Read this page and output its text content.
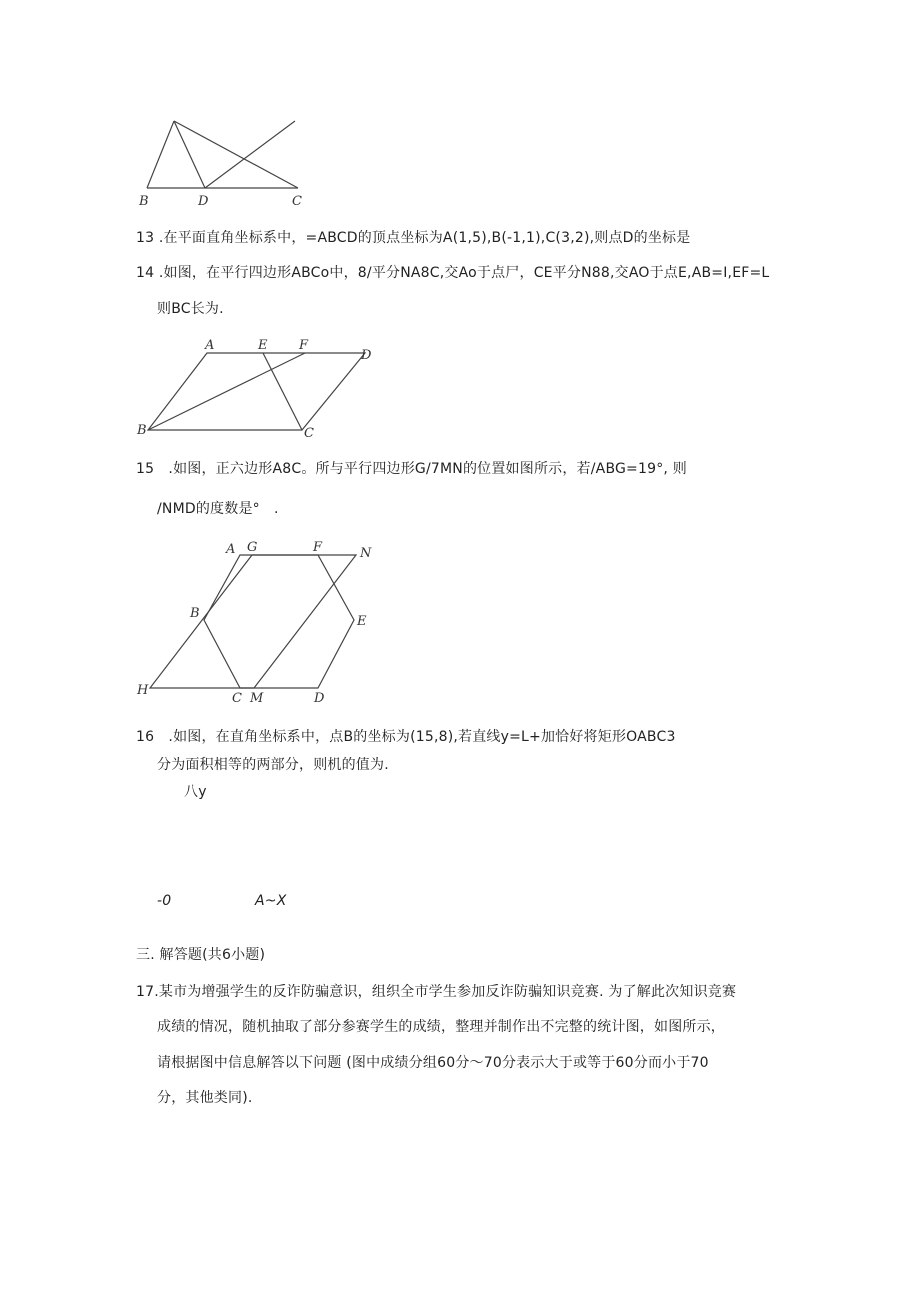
B	D	C
13 .在平面直角坐标系中，=ABCD的顶点坐标为A(1,5),B(-1,1),C(3,2),则点D的坐标是
14 .如图，在平行四边形ABCo中，8/平分NA8C,交Ao于点尸，CE平分N88,交AO于点E,AB=I,EF=L
则BC长为.
A	E F
D
B	C
15　.如图，正六边形A8C。所与平行四边形G/7MN的位置如图所示，若/ABG=19°, 则
/NMD的度数是°　.
A G	F	N
B
E
H
C M	D
16　.如图，在直角坐标系中，点B的坐标为(15,8),若直线y=L+加恰好将矩形OABC3
分为面积相等的两部分，则机的值为.
八y
-0	A~X
三. 解答题(共6小题)
17.某市为增强学生的反诈防骗意识，组织全市学生参加反诈防骗知识竞赛. 为了解此次知识竞赛
成绩的情况，随机抽取了部分参赛学生的成绩，整理并制作出不完整的统计图，如图所示，
请根据图中信息解答以下问题 (图中成绩分组60分～70分表示大于或等于60分而小于70
分，其他类同).
